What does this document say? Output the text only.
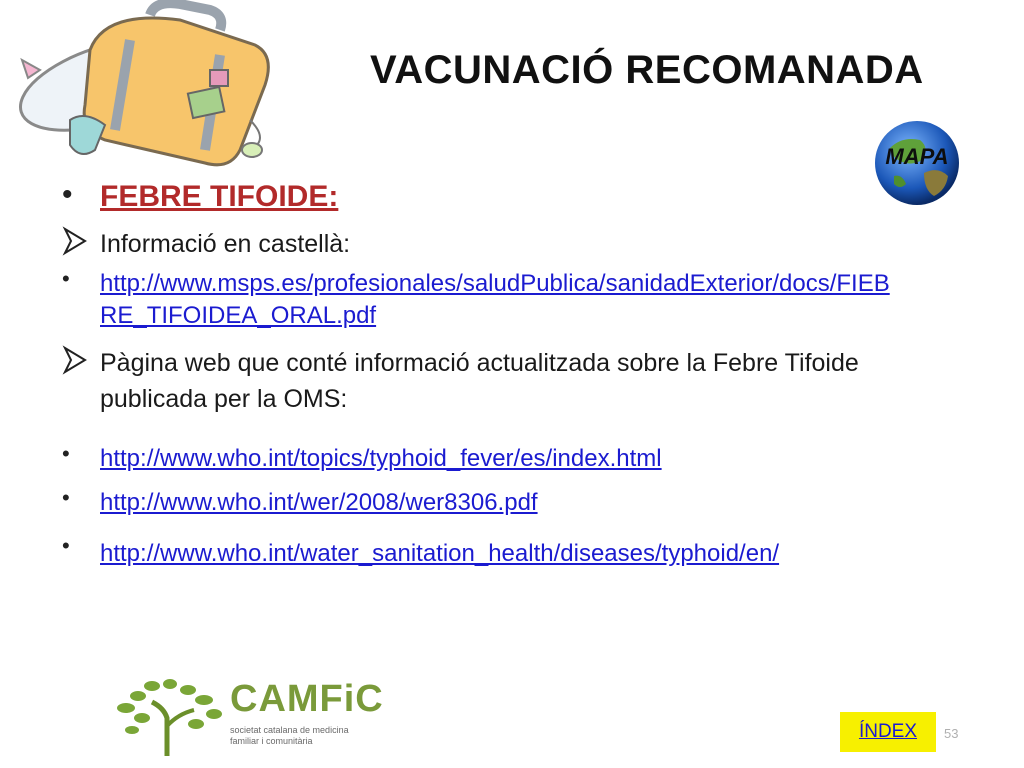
VACUNACIÓ RECOMANADA
MAPA
• FEBRE TIFOIDE:
Informació en castellà:
•	http://www.msps.es/profesionales/saludPublica/sanidadExterior/docs/FIEBRE_TIFOIDEA_ORAL.pdf
Pàgina web que conté informació actualitzada sobre la Febre Tifoide publicada per la OMS:
•	http://www.who.int/topics/typhoid_fever/es/index.html
•	http://www.who.int/wer/2008/wer8306.pdf
•	http://www.who.int/water_sanitation_health/diseases/typhoid/en/
CAMFiC
societat catalana de medicina familiar i comunitària	ÍNDEX 53
